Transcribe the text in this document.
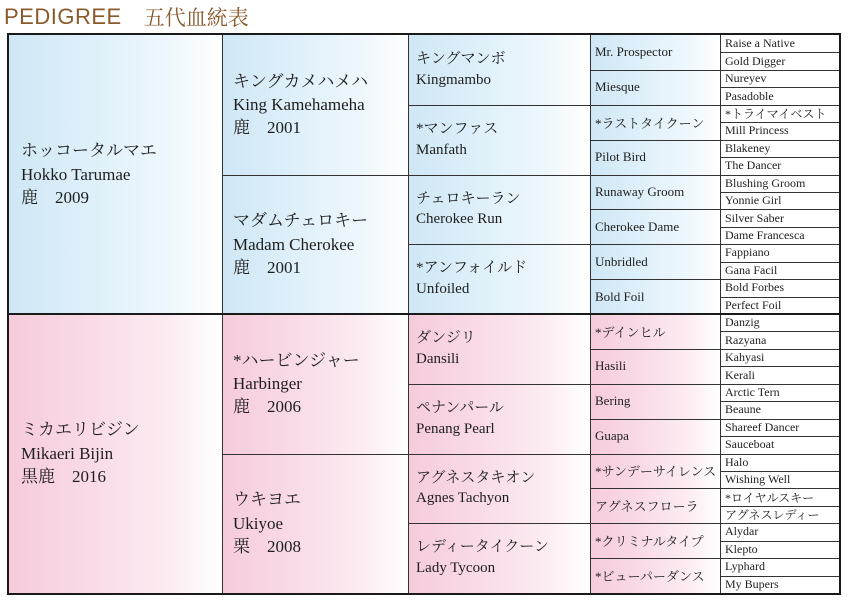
PEDIGREE 五代血統表
ホッコータルマエ
Hokko Tarumae
鹿　2009
キングカメハメハ
King Kamehameha
鹿　2001
キングマンボ
Kingmambo
Mr. Prospector
Raise a Native
Gold Digger
Miesque
Nureyev
Pasadoble
*マンファス
Manfath
*ラストタイクーン
*トライマイベスト
Mill Princess
Pilot Bird
Blakeney
The Dancer
マダムチェロキー
Madam Cherokee
鹿　2001
チェロキーラン
Cherokee Run
Runaway Groom
Blushing Groom
Yonnie Girl
Cherokee Dame
Silver Saber
Dame Francesca
*アンフォイルド
Unfoiled
Unbridled
Fappiano
Gana Facil
Bold Foil
Bold Forbes
Perfect Foil
ミカエリビジン
Mikaeri Bijin
黒鹿　2016
*ハービンジャー
Harbinger
鹿　2006
ダンジリ
Dansili
*デインヒル
Danzig
Razyana
Hasili
Kahyasi
Kerali
ペナンパール
Penang Pearl
Bering
Arctic Tern
Beaune
Guapa
Shareef Dancer
Sauceboat
ウキヨエ
Ukiyoe
栗　2008
アグネスタキオン
Agnes Tachyon
*サンデーサイレンス
Halo
Wishing Well
アグネスフローラ
*ロイヤルスキー
アグネスレディー
レディータイクーン
Lady Tycoon
*クリミナルタイプ
Alydar
Klepto
*ビューパーダンス
Lyphard
My Bupers
